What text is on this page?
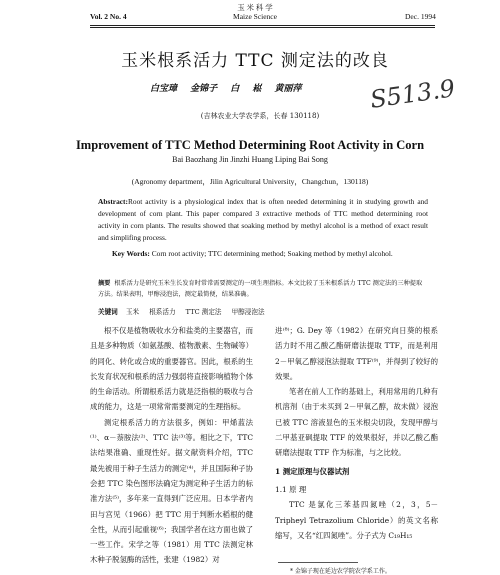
Vol. 2 No. 4
玉 米 科 学
Maize Science	Dec. 1994
玉米根系活力 TTC 测定法的改良
白宝璋 金锦子 白 崧 黄丽萍	S513.9
(吉林农业大学农学系，长春 130118)
Improvement of TTC Method Determining Root Activity in Corn
Bai Baozhang Jin Jinzhi Huang Liping Bai Song
(Agronomy department，Jilin Agricultural University，Changchun，130118)
Abstract:Root activity is a physiological index that is often needed determining it in studying growth and development of corn plant. This paper compared 3 extractive methods of TTC method determining root activity in corn plants. The results showed that soaking method by methyl alcohol is a method of exact result and simplifing process.
Key Words: Corn root activity; TTC determining method; Soaking method by methyl alcohol.
摘要 根系活力是研究玉米生长发育时常常需要测定的一项生理指标。本文比较了玉米根系活力 TTC 测定法的三种提取方法。结果表明，甲醇浸泡法，测定最简便，结果准确。
关键词 玉米 根系活力 TTC 测定法 甲醇浸泡法

根不仅是植物吸收水分和盐类的主要器官，而且是多种物质（如氨基酸、植物激素、生物碱等）的同化、转化或合成的重要器官。因此，根系的生长发育状况和根系的活力强弱将直接影响植物个体的生命活动。所谓根系活力就是泛指根的吸收与合成的能力，这是一项常常需要测定的生理指标。

测定根系活力的方法很多，例如：甲烯蓝法⁽¹⁾、α－萘胺法⁽²⁾、TTC 法⁽³⁾等。相比之下，TTC 法结果准确、重现性好。据文献资料介绍，TTC 最先被用于种子生活力的测定⁽⁴⁾，并且国际种子协会把 TTC 染色图形法确定为测定种子生活力的标准方法⁽⁵⁾，多年来一直得到广泛应用。日本学者内田与宫见（1966）把 TTC 用于判断水稻根的健全性，从而引起重视⁽⁶⁾；我国学者在这方面也做了一些工作。宋学之等（1981）用 TTC 法测定林木种子脱氢酶的活性，张建（1982）对

进⁽⁸⁾；G. Dey 等（1982）在研究向日葵的根系活力时不用乙酸乙酯研磨法提取 TTF，而是利用 2－甲氧乙醇浸泡法提取 TTF⁽⁹⁾，并得到了较好的效果。

笔者在前人工作的基础上，利用常用的几种有机溶剂（由于未买到 2－甲氧乙醇，故未做）浸泡已被 TTC 溶液显色的玉米根尖切段，发现甲醇与二甲基亚砜提取 TTF 的效果很好，并以乙酸乙酯研磨法提取 TTF 作为标准，与之比较。

1 测定原理与仪器试剂

1.1 原 理

TTC 是氯化三苯基四氮唑（2，3，5－Tripheyl Tetrazolium Chloride）的英文名称缩写，又名“红四氮唑”。分子式为 C₁₉H₁₅

* 金锦子现在延边农学院农学系工作。
